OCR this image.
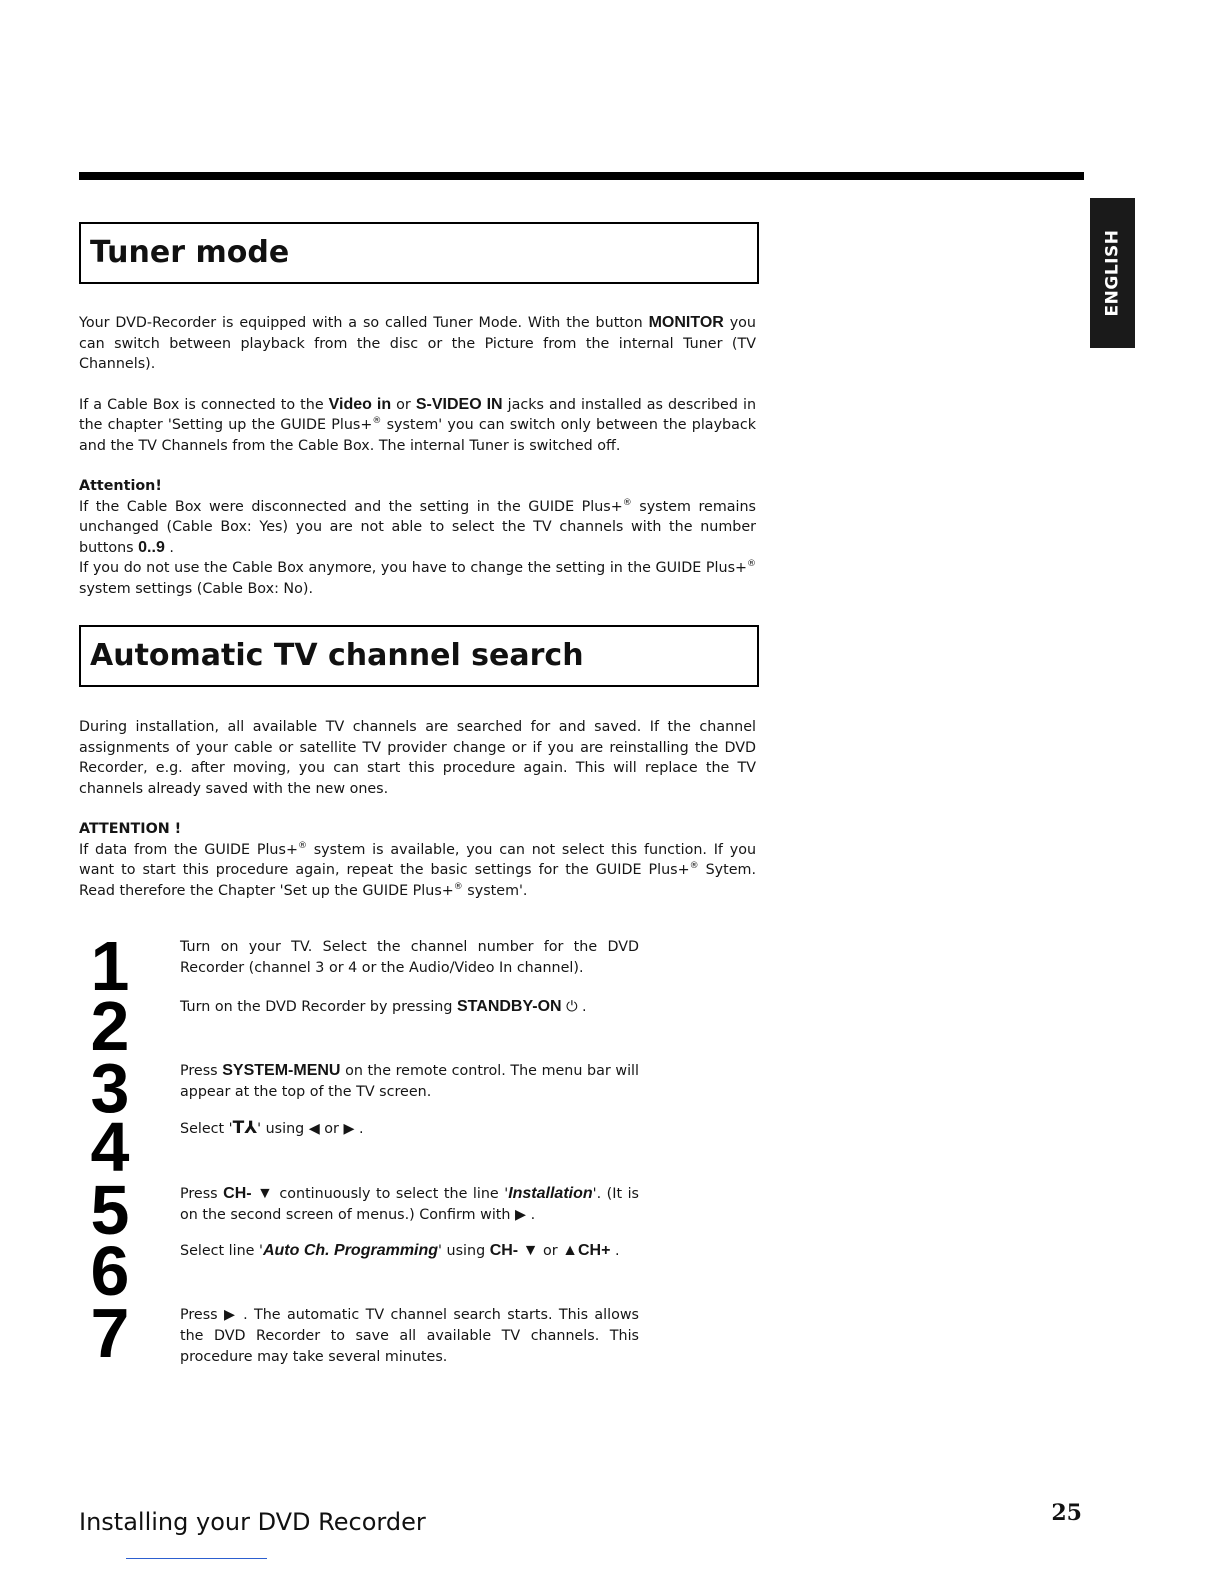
ENGLISH
Tuner mode

Your DVD-Recorder is equipped with a so called Tuner Mode. With the button MONITOR you can switch between playback from the disc or the Picture from the internal Tuner (TV Channels).

If a Cable Box is connected to the Video in or S-VIDEO IN jacks and installed as described in the chapter 'Setting up the GUIDE Plus+® system' you can switch only between the playback and the TV Channels from the Cable Box. The internal Tuner is switched off.

Attention!
If the Cable Box were disconnected and the setting in the GUIDE Plus+® system remains unchanged (Cable Box: Yes) you are not able to select the TV channels with the number buttons 0..9 .
If you do not use the Cable Box anymore, you have to change the setting in the GUIDE Plus+® system settings (Cable Box: No).
Automatic TV channel search

During installation, all available TV channels are searched for and saved. If the channel assignments of your cable or satellite TV provider change or if you are reinstalling the DVD Recorder, e.g. after moving, you can start this procedure again. This will replace the TV channels already saved with the new ones.

ATTENTION !
If data from the GUIDE Plus+® system is available, you can not select this function. If you want to start this procedure again, repeat the basic settings for the GUIDE Plus+® Sytem. Read therefore the Chapter 'Set up the GUIDE Plus+® system'.
1
2
3
4
5
6
7
Turn on your TV. Select the channel number for the DVD Recorder (channel 3 or 4 or the Audio/Video In channel).
Turn on the DVD Recorder by pressing STANDBY-ON ⏻ .
Press SYSTEM-MENU on the remote control. The menu bar will appear at the top of the TV screen.
Select 'T⅄' using ◀ or ▶ .
Press CH- ▼ continuously to select the line 'Installation'. (It is on the second screen of menus.) Confirm with ▶ .
Select line 'Auto Ch. Programming' using CH- ▼ or ▲CH+ .
Press ▶ . The automatic TV channel search starts. This allows the DVD Recorder to save all available TV channels. This procedure may take several minutes.
Installing your DVD Recorder	25
